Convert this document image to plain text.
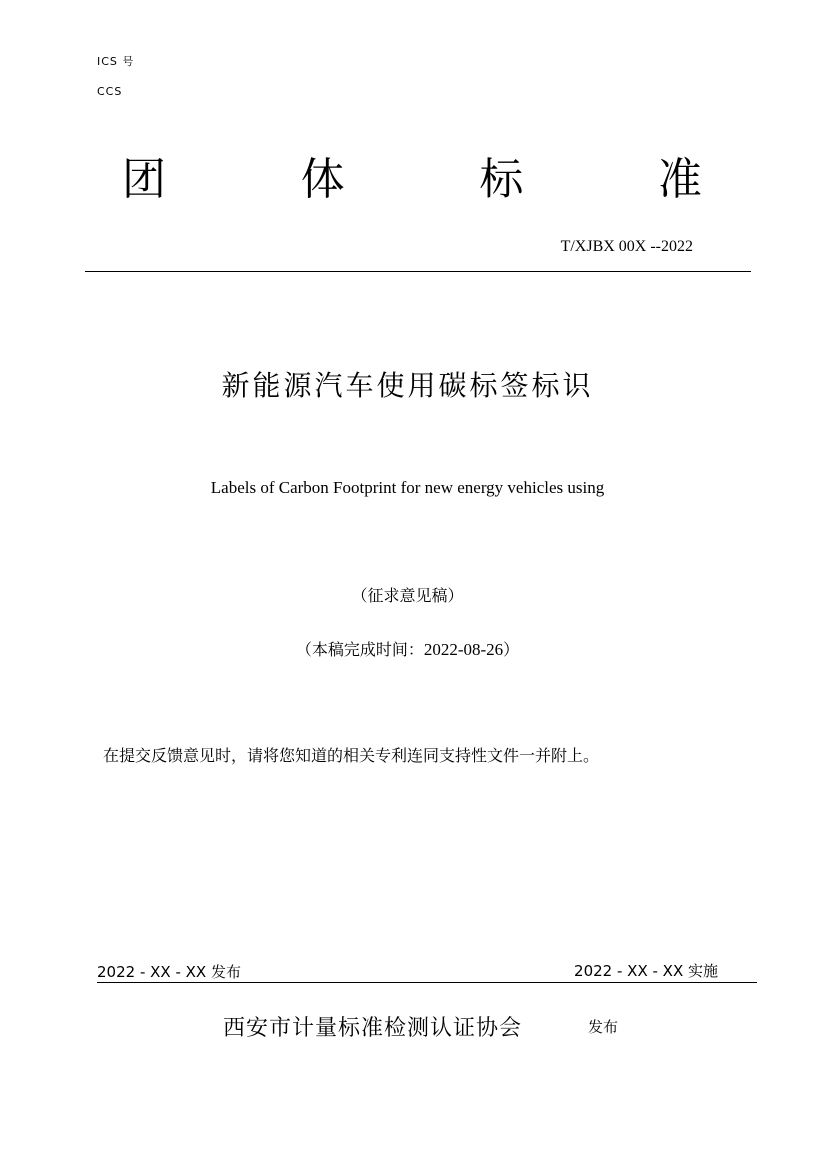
ICS 号
CCS
团	体	标	准
T/XJBX 00X --2022
新能源汽车使用碳标签标识
Labels of Carbon Footprint for new energy vehicles using
（征求意见稿）
（本稿完成时间：2022-08-26）
在提交反馈意见时，请将您知道的相关专利连同支持性文件一并附上。
2022 - XX - XX 发布	2022 - XX - XX 实施
西安市计量标准检测认证协会	发布
